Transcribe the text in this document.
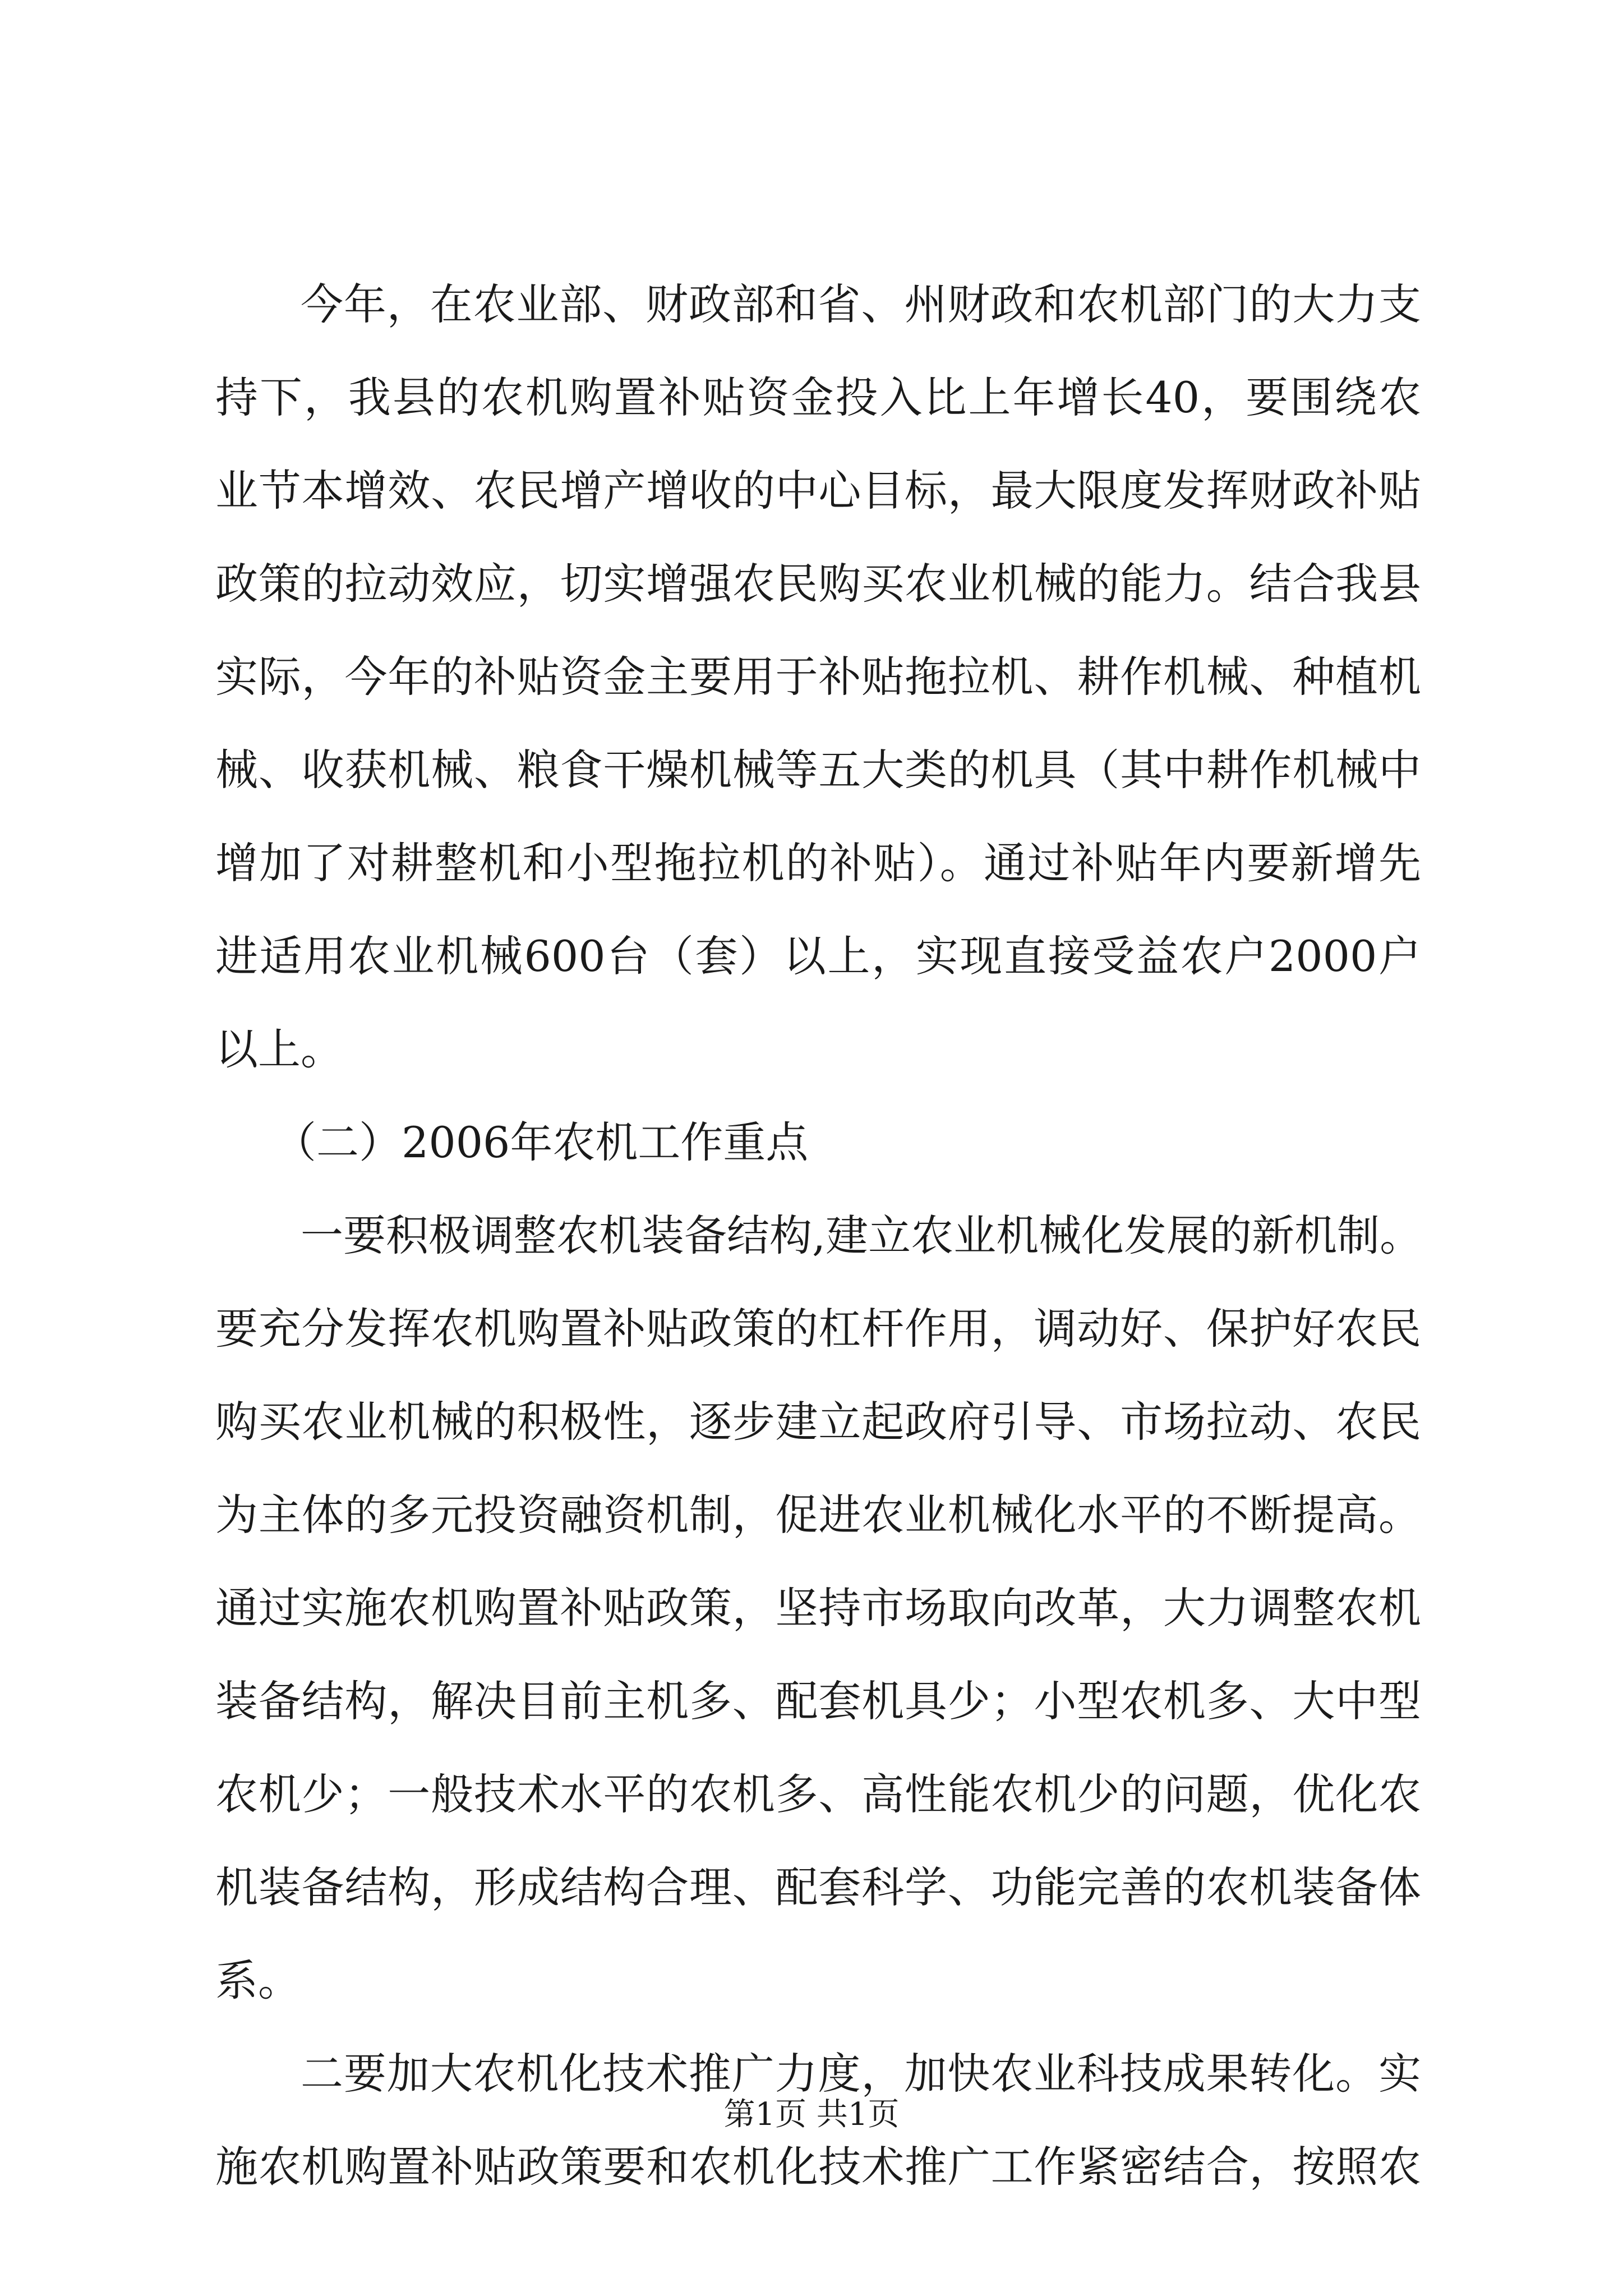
今年，在农业部、财政部和省、州财政和农机部门的大力支
持下，我县的农机购置补贴资金投入比上年增长40，要围绕农
业节本增效、农民增产增收的中心目标，最大限度发挥财政补贴
政策的拉动效应，切实增强农民购买农业机械的能力。结合我县
实际，今年的补贴资金主要用于补贴拖拉机、耕作机械、种植机
械、收获机械、粮食干燥机械等五大类的机具（其中耕作机械中
增加了对耕整机和小型拖拉机的补贴）。通过补贴年内要新增先
进适用农业机械600台（套）以上，实现直接受益农户2000户
以上。
（二）2006年农机工作重点
一要积极调整农机装备结构,建立农业机械化发展的新机制。
要充分发挥农机购置补贴政策的杠杆作用，调动好、保护好农民
购买农业机械的积极性，逐步建立起政府引导、市场拉动、农民
为主体的多元投资融资机制，促进农业机械化水平的不断提高。
通过实施农机购置补贴政策，坚持市场取向改革，大力调整农机
装备结构，解决目前主机多、配套机具少；小型农机多、大中型
农机少；一般技术水平的农机多、高性能农机少的问题，优化农
机装备结构，形成结构合理、配套科学、功能完善的农机装备体
系。
二要加大农机化技术推广力度，加快农业科技成果转化。实
施农机购置补贴政策要和农机化技术推广工作紧密结合，按照农
第1页 共1页
